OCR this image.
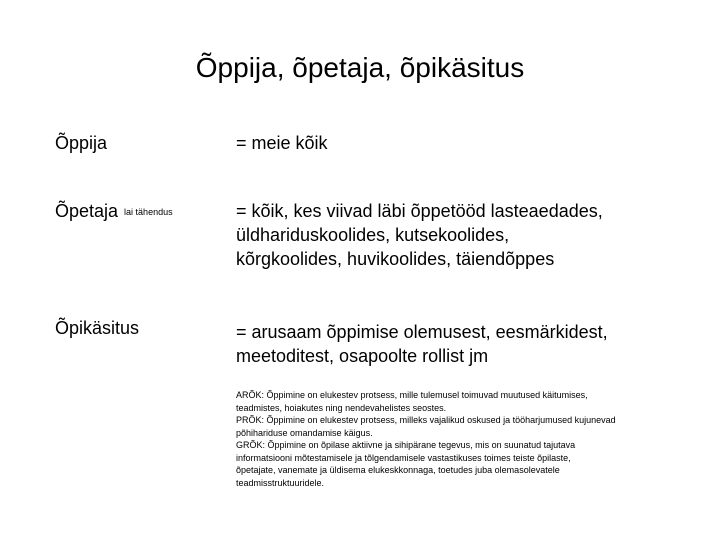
Õppija, õpetaja, õpikäsitus
Õppija	= meie kõik
Õpetaja lai tähendus	= kõik, kes viivad läbi õppetööd lasteaedades,
üldhariduskoolides, kutsekoolides,
kõrgkoolides, huvikoolides, täiendõppes
Õpikäsitus	= arusaam õppimise olemusest, eesmärkidest,
meetoditest, osapoolte rollist jm
ARÕK: Õppimine on elukestev protsess, mille tulemusel toimuvad muutused käitumises,
teadmistes, hoiakutes ning nendevahelistes seostes.
PRÕK: Õppimine on elukestev protsess, milleks vajalikud oskused ja tööharjumused kujunevad
põhihariduse omandamise käigus.
GRÕK: Õppimine on õpilase aktiivne ja sihipärane tegevus, mis on suunatud tajutava
informatsiooni mõtestamisele ja tõlgendamisele vastastikuses toimes teiste õpilaste,
õpetajate, vanemate ja üldisema elukeskkonnaga, toetudes juba olemasolevatele
teadmisstruktuuridele.
